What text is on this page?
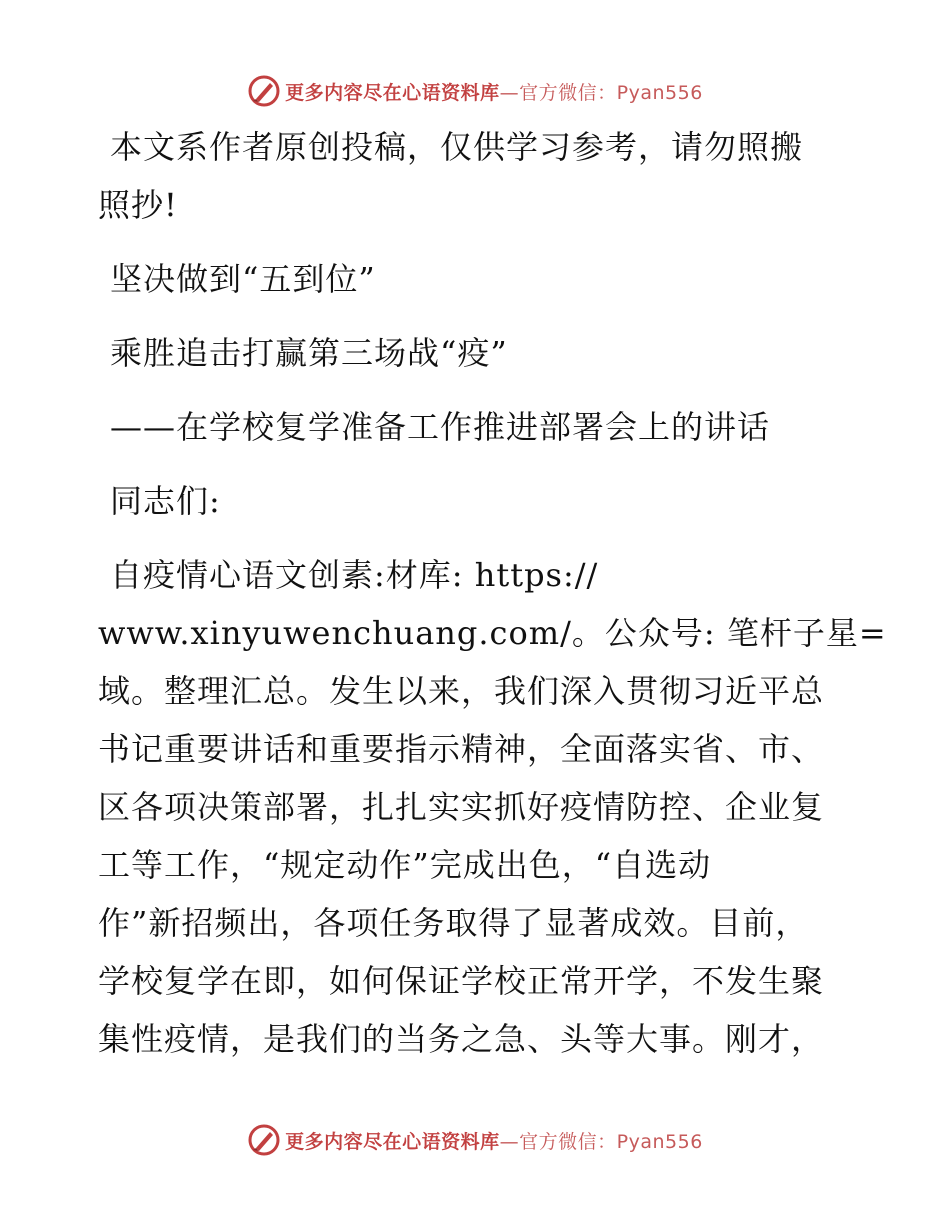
更多内容尽在心语资料库—官方微信：Pyan556
本文系作者原创投稿，仅供学习参考，请勿照搬
照抄!
坚决做到“五到位”
乘胜追击打赢第三场战“疫”
——在学校复学准备工作推进部署会上的讲话
同志们:
自疫情心语文创素:材库: https://
www.xinyuwenchuang.com/。公众号: 笔杆子星=
域。整理汇总。发生以来，我们深入贯彻习近平总
书记重要讲话和重要指示精神，全面落实省、市、
区各项决策部署，扎扎实实抓好疫情防控、企业复
工等工作，“规定动作”完成出色，“自选动
作”新招频出，各项任务取得了显著成效。目前，
学校复学在即，如何保证学校正常开学，不发生聚
集性疫情，是我们的当务之急、头等大事。刚才，
更多内容尽在心语资料库—官方微信：Pyan556
